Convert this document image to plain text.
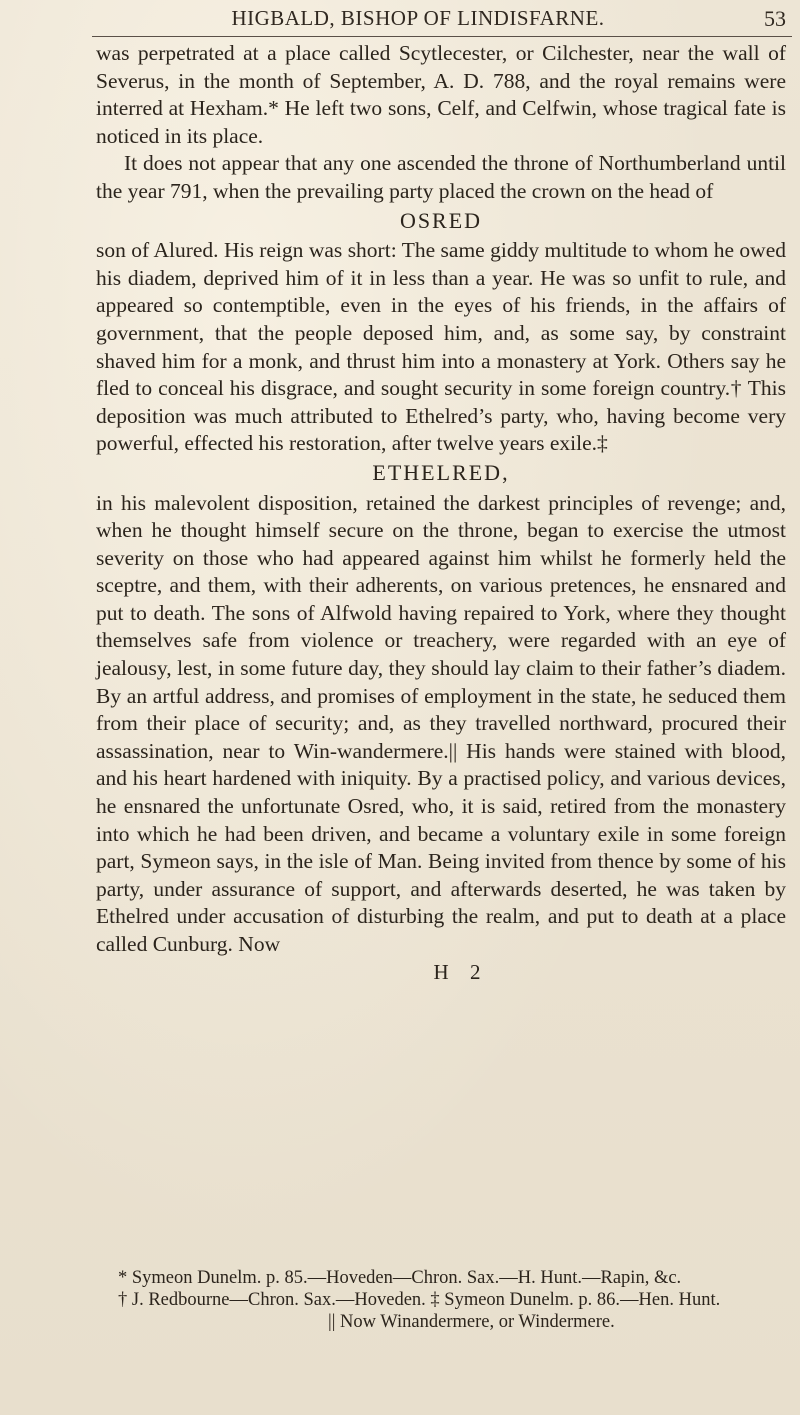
HIGBALD, BISHOP OF LINDISFARNE.	53

was perpetrated at a place called Scytlecester, or Cilchester, near the wall of Severus, in the month of September, A. D. 788, and the royal remains were interred at Hexham.* He left two sons, Celf, and Celfwin, whose tragical fate is noticed in its place.

It does not appear that any one ascended the throne of Northumberland until the year 791, when the prevailing party placed the crown on the head of

OSRED

son of Alured. His reign was short: The same giddy multitude to whom he owed his diadem, deprived him of it in less than a year. He was so unfit to rule, and appeared so contemptible, even in the eyes of his friends, in the affairs of government, that the people deposed him, and, as some say, by constraint shaved him for a monk, and thrust him into a monastery at York. Others say he fled to conceal his disgrace, and sought security in some foreign country.† This deposition was much attributed to Ethelred’s party, who, having become very powerful, effected his restoration, after twelve years exile.‡

ETHELRED,

in his malevolent disposition, retained the darkest principles of revenge; and, when he thought himself secure on the throne, began to exercise the utmost severity on those who had appeared against him whilst he formerly held the sceptre, and them, with their adherents, on various pretences, he ensnared and put to death. The sons of Alfwold having repaired to York, where they thought themselves safe from violence or treachery, were regarded with an eye of jealousy, lest, in some future day, they should lay claim to their father’s diadem. By an artful address, and promises of employment in the state, he seduced them from their place of security; and, as they travelled northward, procured their assassination, near to Win-wandermere.|| His hands were stained with blood, and his heart hardened with iniquity. By a practised policy, and various devices, he ensnared the unfortunate Osred, who, it is said, retired from the monastery into which he had been driven, and became a voluntary exile in some foreign part, Symeon says, in the isle of Man. Being invited from thence by some of his party, under assurance of support, and afterwards deserted, he was taken by Ethelred under accusation of disturbing the realm, and put to death at a place called Cunburg. Now

H 2

* Symeon Dunelm. p. 85.—Hoveden—Chron. Sax.—H. Hunt.—Rapin, &c.

† J. Redbourne—Chron. Sax.—Hoveden. ‡ Symeon Dunelm. p. 86.—Hen. Hunt.

|| Now Winandermere, or Windermere.
